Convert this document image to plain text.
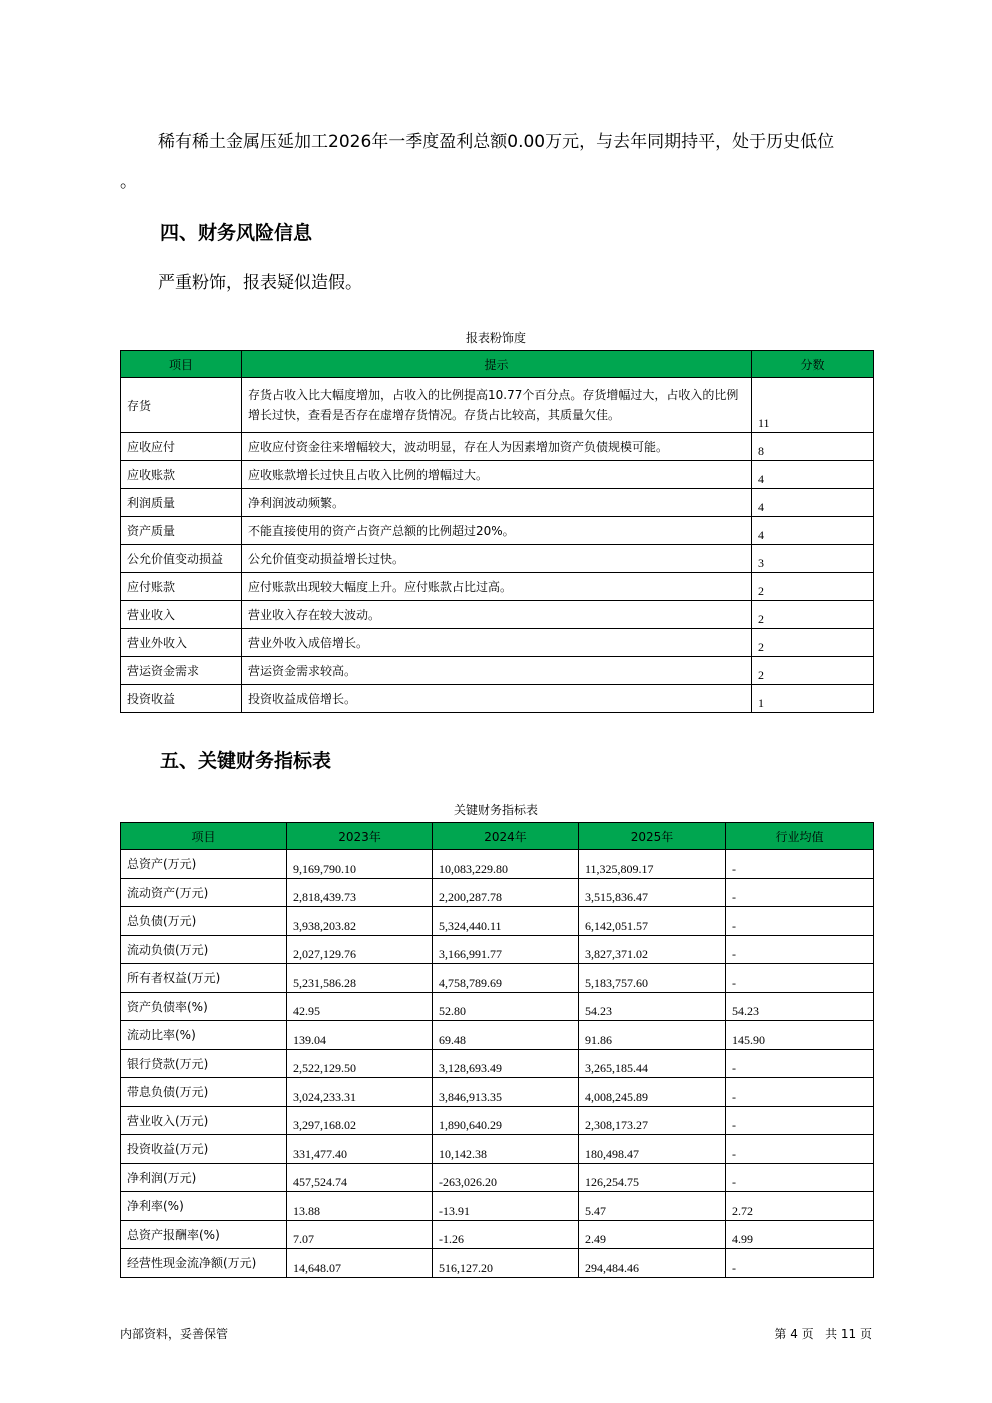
稀有稀土金属压延加工2026年一季度盈利总额0.00万元，与去年同期持平，处于历史低位
。
四、财务风险信息
严重粉饰，报表疑似造假。
报表粉饰度
项目	提示	分数
存货	存货占收入比大幅度增加，占收入的比例提高10.77个百分点。存货增幅过大，占收入的比例增长过快，查看是否存在虚增存货情况。存货占比较高，其质量欠佳。	11
应收应付	应收应付资金往来增幅较大，波动明显，存在人为因素增加资产负债规模可能。	8
应收账款	应收账款增长过快且占收入比例的增幅过大。	4
利润质量	净利润波动频繁。	4
资产质量	不能直接使用的资产占资产总额的比例超过20%。	4
公允价值变动损益	公允价值变动损益增长过快。	3
应付账款	应付账款出现较大幅度上升。应付账款占比过高。	2
营业收入	营业收入存在较大波动。	2
营业外收入	营业外收入成倍增长。	2
营运资金需求	营运资金需求较高。	2
投资收益	投资收益成倍增长。	1
五、关键财务指标表
关键财务指标表
项目	2023年	2024年	2025年	行业均值
总资产(万元)	9,169,790.10	10,083,229.80	11,325,809.17	-
流动资产(万元)	2,818,439.73	2,200,287.78	3,515,836.47	-
总负债(万元)	3,938,203.82	5,324,440.11	6,142,051.57	-
流动负债(万元)	2,027,129.76	3,166,991.77	3,827,371.02	-
所有者权益(万元)	5,231,586.28	4,758,789.69	5,183,757.60	-
资产负债率(%)	42.95	52.80	54.23	54.23
流动比率(%)	139.04	69.48	91.86	145.90
银行贷款(万元)	2,522,129.50	3,128,693.49	3,265,185.44	-
带息负债(万元)	3,024,233.31	3,846,913.35	4,008,245.89	-
营业收入(万元)	3,297,168.02	1,890,640.29	2,308,173.27	-
投资收益(万元)	331,477.40	10,142.38	180,498.47	-
净利润(万元)	457,524.74	-263,026.20	126,254.75	-
净利率(%)	13.88	-13.91	5.47	2.72
总资产报酬率(%)	7.07	-1.26	2.49	4.99
经营性现金流净额(万元)	14,648.07	516,127.20	294,484.46	-
内部资料，妥善保管	第 4 页   共 11 页
